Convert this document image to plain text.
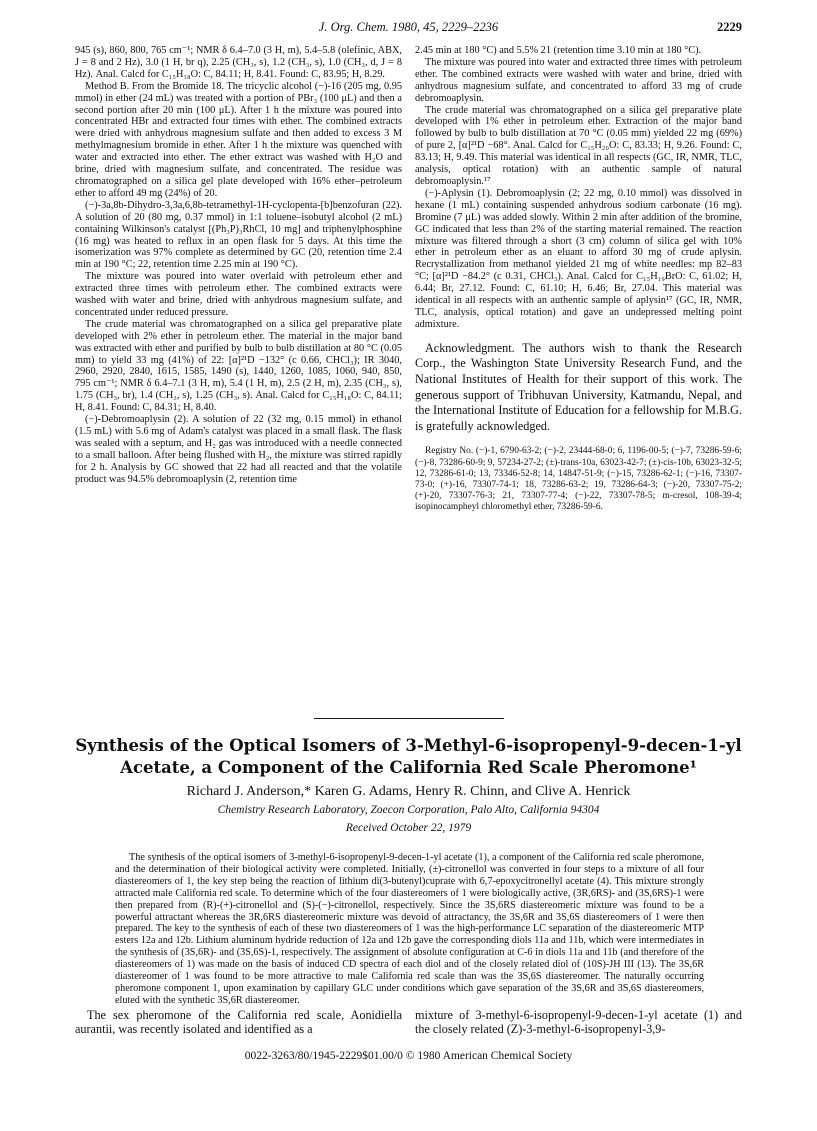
J. Org. Chem. 1980, 45, 2229–2236	2229

945 (s), 860, 800, 765 cm⁻¹; NMR δ 6.4–7.0 (3 H, m), 5.4–5.8 (olefinic, ABX, J = 8 and 2 Hz), 3.0 (1 H, br q), 2.25 (CH₃, s), 1.2 (CH₃, s), 1.0 (CH₃, d, J = 8 Hz). Anal. Calcd for C₁₅H₁₈O: C, 84.11; H, 8.41. Found: C, 83.95; H, 8.29.

Method B. From the Bromide 18. The tricyclic alcohol (−)-16 (205 mg, 0.95 mmol) in ether (24 mL) was treated with a portion of PBr₃ (100 μL) and then a second portion after 20 min (100 μL). After 1 h the mixture was poured into concentrated HBr and extracted four times with ether. The combined extracts were dried with anhydrous magnesium sulfate and then added to excess 3 M methylmagnesium bromide in ether. After 1 h the mixture was quenched with water and extracted into ether. The ether extract was washed with H₂O and brine, dried with magnesium sulfate, and concentrated. The residue was chromatographed on a silica gel plate developed with 16% ether–petroleum ether to afford 49 mg (24%) of 20.

(−)-3a,8b-Dihydro-3,3a,6,8b-tetramethyl-1H-cyclopenta-[b]benzofuran (22). A solution of 20 (80 mg, 0.37 mmol) in 1:1 toluene–isobutyl alcohol (2 mL) containing Wilkinson's catalyst [(Ph₃P)₃RhCl, 10 mg] and triphenylphosphine (16 mg) was heated to reflux in an open flask for 5 days. At this time the isomerization was 97% complete as determined by GC (20, retention time 2.4 min at 190 °C; 22, retention time 2.25 min at 190 °C).

The mixture was poured into water overlaid with petroleum ether and extracted three times with petroleum ether. The combined extracts were washed with water and brine, dried with anhydrous magnesium sulfate, and concentrated under reduced pressure.

The crude material was chromatographed on a silica gel preparative plate developed with 2% ether in petroleum ether. The material in the major band was extracted with ether and purified by bulb to bulb distillation at 80 °C (0.05 mm) to yield 33 mg (41%) of 22: [α]²¹D −132° (c 0.66, CHCl₃); IR 3040, 2960, 2920, 2840, 1615, 1585, 1490 (s), 1440, 1260, 1085, 1060, 940, 850, 795 cm⁻¹; NMR δ 6.4–7.1 (3 H, m), 5.4 (1 H, m), 2.5 (2 H, m), 2.35 (CH₃, s), 1.75 (CH₃, br), 1.4 (CH₃, s), 1.25 (CH₃, s). Anal. Calcd for C₁₅H₁₈O: C, 84.11; H, 8.41. Found: C, 84.31; H, 8.40.

(−)-Debromoaplysin (2). A solution of 22 (32 mg, 0.15 mmol) in ethanol (1.5 mL) with 5.6 mg of Adam's catalyst was placed in a small flask. The flask was sealed with a septum, and H₂ gas was introduced with a needle connected to a small balloon. After being flushed with H₂, the mixture was stirred rapidly for 2 h. Analysis by GC showed that 22 had all reacted and that the volatile product was 94.5% debromoaplysin (2, retention time

2.45 min at 180 °C) and 5.5% 21 (retention time 3.10 min at 180 °C).

The mixture was poured into water and extracted three times with petroleum ether. The combined extracts were washed with water and brine, dried with anhydrous magnesium sulfate, and concentrated to afford 33 mg of crude debromoaplysin.

The crude material was chromatographed on a silica gel preparative plate developed with 1% ether in petroleum ether. Extraction of the major band followed by bulb to bulb distillation at 70 °C (0.05 mm) yielded 22 mg (69%) of pure 2, [α]²¹D −68°. Anal. Calcd for C₁₅H₂₀O: C, 83.33; H, 9.26. Found: C, 83.13; H, 9.49. This material was identical in all respects (GC, IR, NMR, TLC, analysis, optical rotation) with an authentic sample of natural debromoaplysin.¹⁷

(−)-Aplysin (1). Debromoaplysin (2; 22 mg, 0.10 mmol) was dissolved in hexane (1 mL) containing suspended anhydrous sodium carbonate (16 mg). Bromine (7 μL) was added slowly. Within 2 min after addition of the bromine, GC indicated that less than 2% of the starting material remained. The reaction mixture was filtered through a short (3 cm) column of silica gel with 10% ether in petroleum ether as an eluant to afford 30 mg of crude aplysin. Recrystallization from methanol yielded 21 mg of white needles: mp 82–83 °C; [α]²¹D −84.2° (c 0.31, CHCl₃). Anal. Calcd for C₁₅H₁₉BrO: C, 61.02; H, 6.44; Br, 27.12. Found: C, 61.10; H, 6.46; Br, 27.04. This material was identical in all respects with an authentic sample of aplysin¹⁷ (GC, IR, NMR, TLC, analysis, optical rotation) and gave an undepressed melting point admixture.

Acknowledgment. The authors wish to thank the Research Corp., the Washington State University Research Fund, and the National Institutes of Health for their support of this work. The generous support of Tribhuvan University, Katmandu, Nepal, and the International Institute of Education for a fellowship for M.B.G. is gratefully acknowledged.

Registry No. (−)-1, 6790-63-2; (−)-2, 23444-68-0; 6, 1196-00-5; (−)-7, 73286-59-6; (−)-8, 73286-60-9; 9, 57234-27-2; (±)-trans-10a, 63023-42-7; (±)-cis-10b, 63023-32-5; 12, 73286-61-0; 13, 73346-52-8; 14, 14847-51-9; (−)-15, 73286-62-1; (−)-16, 73307-73-0; (+)-16, 73307-74-1; 18, 73286-63-2; 19, 73286-64-3; (−)-20, 73307-75-2; (+)-20, 73307-76-3; 21, 73307-77-4; (−)-22, 73307-78-5; m-cresol, 108-39-4; isopinocampheyl chloromethyl ether, 73286-59-6.

Synthesis of the Optical Isomers of 3-Methyl-6-isopropenyl-9-decen-1-yl Acetate, a Component of the California Red Scale Pheromone¹
Richard J. Anderson,* Karen G. Adams, Henry R. Chinn, and Clive A. Henrick
Chemistry Research Laboratory, Zoecon Corporation, Palo Alto, California 94304
Received October 22, 1979
The synthesis of the optical isomers of 3-methyl-6-isopropenyl-9-decen-1-yl acetate (1), a component of the California red scale pheromone, and the determination of their biological activity were completed. Initially, (±)-citronellol was converted in four steps to a mixture of all four diastereomers of 1, the key step being the reaction of lithium di(3-butenyl)cuprate with 6,7-epoxycitronellyl acetate (4). This mixture strongly attracted male California red scale. To determine which of the four diastereomers of 1 were biologically active, (3R,6RS)- and (3S,6RS)-1 were then prepared from (R)-(+)-citronellol and (S)-(−)-citronellol, respectively. Since the 3S,6RS diastereomeric mixture was found to be a powerful attractant whereas the 3R,6RS diastereomeric mixture was devoid of attractancy, the 3S,6R and 3S,6S diastereomers of 1 were then prepared. The key to the synthesis of each of these two diastereomers of 1 was the high-performance LC separation of the diastereomeric MTP esters 12a and 12b. Lithium aluminum hydride reduction of 12a and 12b gave the corresponding diols 11a and 11b, which were intermediates in the synthesis of (3S,6R)- and (3S,6S)-1, respectively. The assignment of absolute configuration at C-6 in diols 11a and 11b (and therefore of the diastereomers of 1) was made on the basis of induced CD spectra of each diol and of the closely related diol of (10S)-JH III (13). The 3S,6R diastereomer of 1 was found to be more attractive to male California red scale than was the 3S,6S diastereomer. The naturally occurring pheromone component 1, upon examination by capillary GLC under conditions which gave separation of the 3S,6R and 3S,6S diastereomers, eluted with the synthetic 3S,6R diastereomer.
The sex pheromone of the California red scale, Aonidiella aurantii, was recently isolated and identified as a
mixture of 3-methyl-6-isopropenyl-9-decen-1-yl acetate (1) and the closely related (Z)-3-methyl-6-isopropenyl-3,9-
0022-3263/80/1945-2229$01.00/0 © 1980 American Chemical Society
